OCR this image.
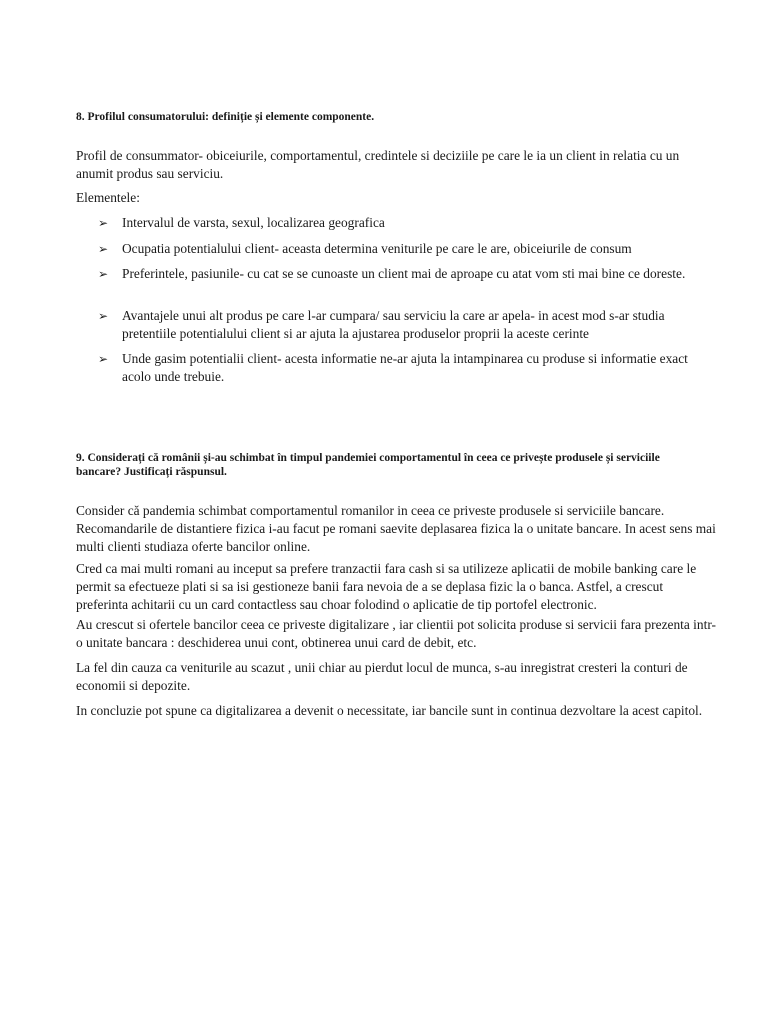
8. Profilul consumatorului: definiție și elemente componente.

Profil de consummator- obiceiurile, comportamentul, credintele si deciziile pe care le ia un client in relatia cu un anumit produs sau serviciu.

Elementele:

➢	Intervalul de varsta, sexul, localizarea geografica
➢	Ocupatia potentialului client- aceasta determina veniturile pe care le are, obiceiurile de consum
➢	Preferintele, pasiunile- cu cat se se cunoaste un client mai de aproape cu atat vom sti mai bine ce doreste.
➢	Avantajele unui alt produs pe care l-ar cumpara/ sau serviciu la care ar apela- in acest mod s-ar studia pretentiile potentialului client si ar ajuta la ajustarea produselor proprii la aceste cerinte
➢	Unde gasim potentialii client- acesta informatie ne-ar ajuta la intampinarea cu produse si informatie exact acolo unde trebuie.
9. Considerați că românii și-au schimbat în timpul pandemiei comportamentul în ceea ce privește produsele și serviciile bancare? Justificați răspunsul.

Consider că pandemia schimbat comportamentul romanilor in ceea ce priveste produsele si serviciile bancare. Recomandarile de distantiere fizica i-au facut pe romani saevite deplasarea fizica la o unitate bancare. In acest sens mai multi clienti studiaza oferte bancilor online.

Cred ca mai multi romani au inceput sa prefere tranzactii fara cash si sa utilizeze aplicatii de mobile banking care le permit sa efectueze plati si sa isi gestioneze banii fara nevoia de a se deplasa fizic la o banca. Astfel, a crescut preferinta achitarii cu un card contactless sau choar folodind o aplicatie de tip portofel electronic.

Au crescut si ofertele bancilor ceea ce priveste digitalizare , iar clientii pot solicita produse si servicii fara prezenta intr-o unitate bancara : deschiderea unui cont, obtinerea unui card de debit, etc.

La fel din cauza ca veniturile au scazut , unii chiar au pierdut locul de munca, s-au inregistrat cresteri la conturi de economii si depozite.

In concluzie pot spune ca digitalizarea a devenit o necessitate, iar bancile sunt in continua dezvoltare la acest capitol.
